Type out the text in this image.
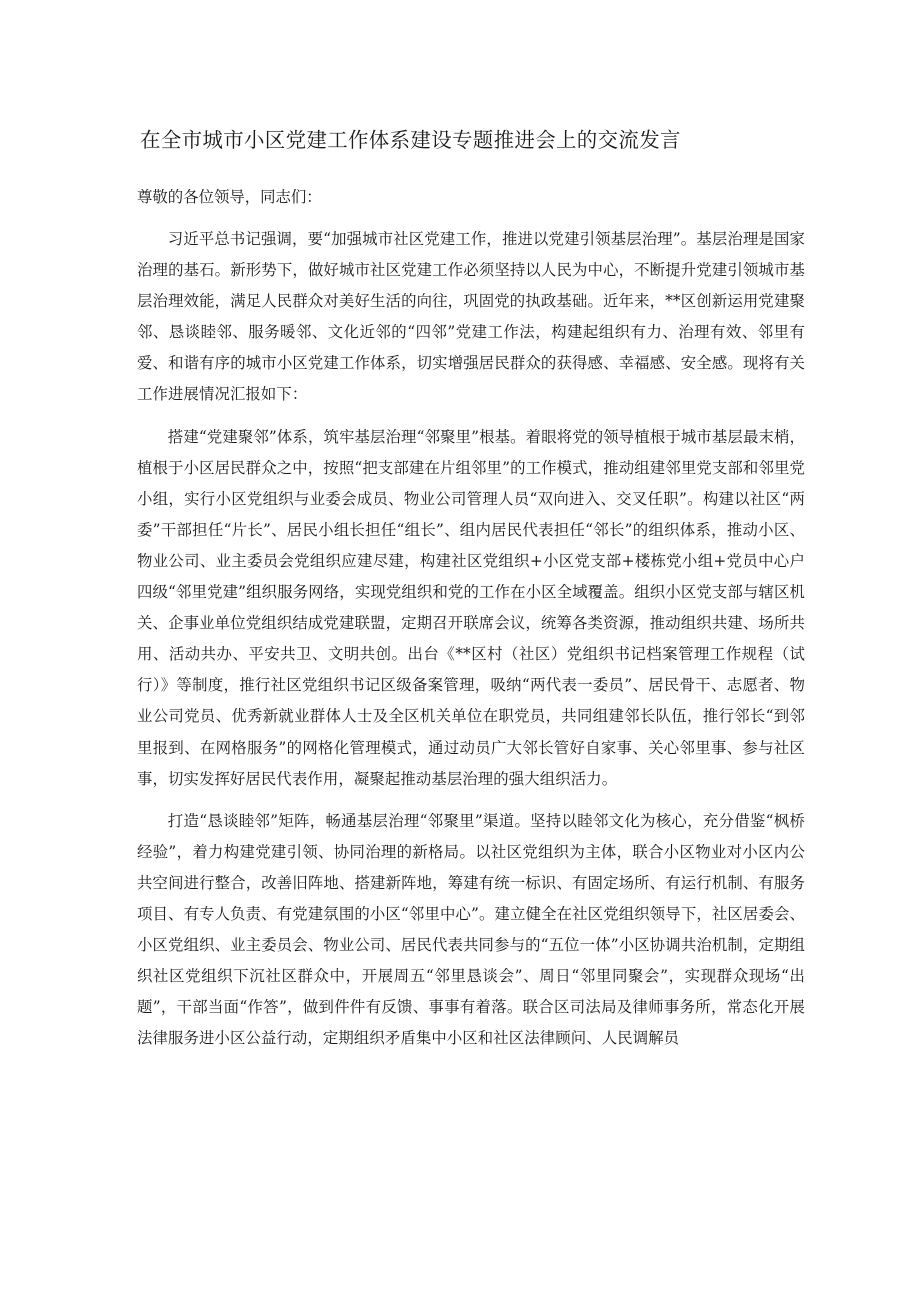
在全市城市小区党建工作体系建设专题推进会上的交流发言

尊敬的各位领导，同志们：

习近平总书记强调，要“加强城市社区党建工作，推进以党建引领基层治理”。基层治理是国家治理的基石。新形势下，做好城市社区党建工作必须坚持以人民为中心，不断提升党建引领城市基层治理效能，满足人民群众对美好生活的向往，巩固党的执政基础。近年来，**区创新运用党建聚邻、恳谈睦邻、服务暖邻、文化近邻的“四邻”党建工作法，构建起组织有力、治理有效、邻里有爱、和谐有序的城市小区党建工作体系，切实增强居民群众的获得感、幸福感、安全感。现将有关工作进展情况汇报如下：

搭建“党建聚邻”体系，筑牢基层治理“邻聚里”根基。着眼将党的领导植根于城市基层最末梢，植根于小区居民群众之中，按照“把支部建在片组邻里”的工作模式，推动组建邻里党支部和邻里党小组，实行小区党组织与业委会成员、物业公司管理人员“双向进入、交叉任职”。构建以社区“两委”干部担任“片长”、居民小组长担任“组长”、组内居民代表担任“邻长”的组织体系，推动小区、物业公司、业主委员会党组织应建尽建，构建社区党组织+小区党支部+楼栋党小组+党员中心户四级“邻里党建”组织服务网络，实现党组织和党的工作在小区全域覆盖。组织小区党支部与辖区机关、企事业单位党组织结成党建联盟，定期召开联席会议，统筹各类资源，推动组织共建、场所共用、活动共办、平安共卫、文明共创。出台《**区村（社区）党组织书记档案管理工作规程（试行）》等制度，推行社区党组织书记区级备案管理，吸纳“两代表一委员”、居民骨干、志愿者、物业公司党员、优秀新就业群体人士及全区机关单位在职党员，共同组建邻长队伍，推行邻长“到邻里报到、在网格服务”的网格化管理模式，通过动员广大邻长管好自家事、关心邻里事、参与社区事，切实发挥好居民代表作用，凝聚起推动基层治理的强大组织活力。

打造“恳谈睦邻”矩阵，畅通基层治理“邻聚里”渠道。坚持以睦邻文化为核心，充分借鉴“枫桥经验”，着力构建党建引领、协同治理的新格局。以社区党组织为主体，联合小区物业对小区内公共空间进行整合，改善旧阵地、搭建新阵地，筹建有统一标识、有固定场所、有运行机制、有服务项目、有专人负责、有党建氛围的小区“邻里中心”。建立健全在社区党组织领导下，社区居委会、小区党组织、业主委员会、物业公司、居民代表共同参与的“五位一体”小区协调共治机制，定期组织社区党组织下沉社区群众中，开展周五“邻里恳谈会”、周日“邻里同聚会”，实现群众现场“出题”，干部当面“作答”，做到件件有反馈、事事有着落。联合区司法局及律师事务所，常态化开展法律服务进小区公益行动，定期组织矛盾集中小区和社区法律顾问、人民调解员
